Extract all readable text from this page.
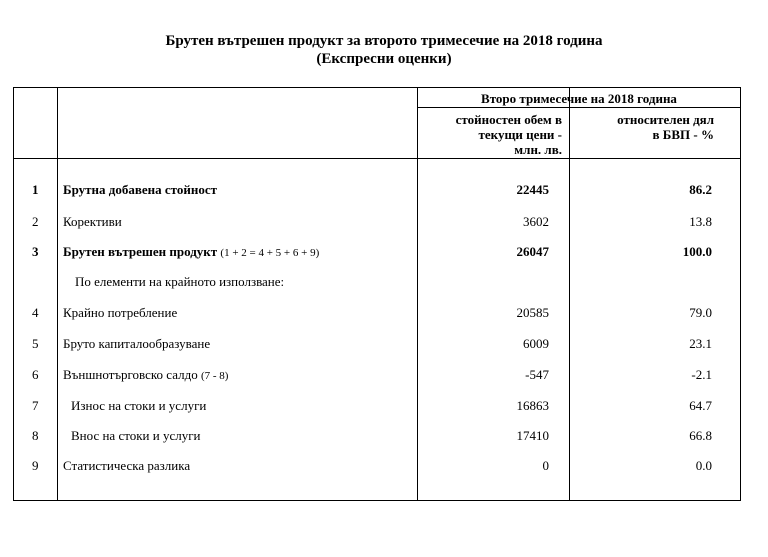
Брутен вътрешен продукт за второто тримесечие на 2018 година
(Експресни оценки)
Второ тримесечие на 2018 година
стойностен обем в
текущи цени -
млн. лв.
относителен дял
в БВП - %
1 Брутна добавена стойност	22445	86.2
2 Корективи	3602	13.8
3 Брутен вътрешен продукт (1 + 2 = 4 + 5 + 6 + 9)	26047	100.0
По елементи на крайното използване:
4 Крайно потребление	20585	79.0
5 Бруто капиталообразуване	6009	23.1
6 Външнотърговско салдо (7 - 8)	-547	-2.1
7	Износ на стоки и услуги	16863	64.7
8	Внос на стоки и услуги	17410	66.8
9 Статистическа разлика	0	0.0
